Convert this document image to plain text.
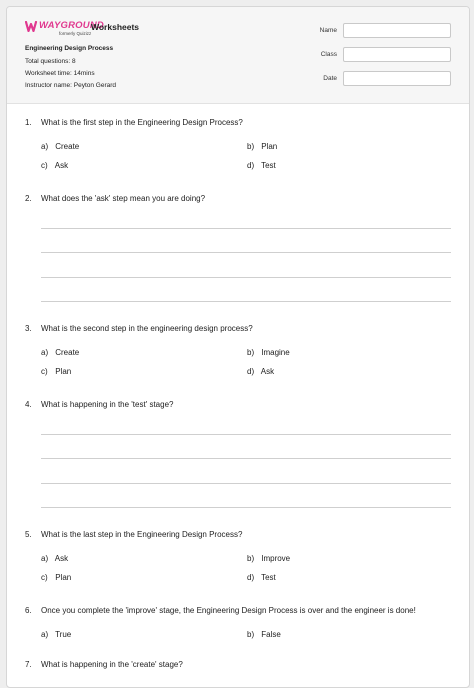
WAYGROUND
formerly Quizizz
Worksheets
Engineering Design Process
Total questions: 8
Worksheet time: 14mins
Instructor name: Peyton Gerard
Name
Class
Date
1. What is the first step in the Engineering Design Process?
a) Create	b) Plan
c) Ask	d) Test
2. What does the 'ask' step mean you are doing?
3. What is the second step in the engineering design process?
a) Create	b) Imagine
c) Plan	d) Ask
4. What is happening in the 'test' stage?
5. What is the last step in the Engineering Design Process?
a) Ask	b) Improve
c) Plan	d) Test
6. Once you complete the 'improve' stage, the Engineering Design Process is over and the engineer is done!
a) True	b) False
7. What is happening in the 'create' stage?
